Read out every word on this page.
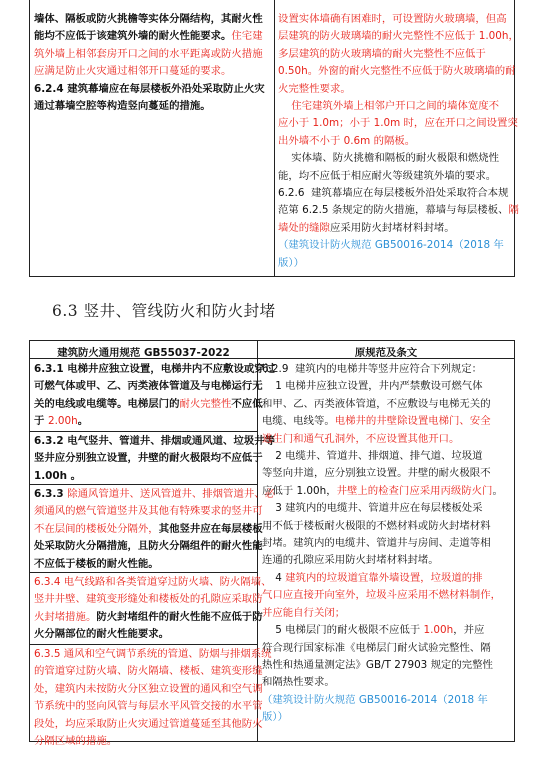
墙体、隔板或防火挑檐等实体分隔结构，其耐火性

能均不应低于该建筑外墙的耐火性能要求。住宅建

筑外墙上相邻套房开口之间的水平距离或防火措施

应满足防止火灾通过相邻开口蔓延的要求。

6.2.4 建筑幕墙应在每层楼板外沿处采取防止火灾

通过幕墙空腔等构造竖向蔓延的措施。

设置实体墙确有困难时，可设置防火玻璃墙，但高

层建筑的防火玻璃墙的耐火完整性不应低于 1.00h，

多层建筑的防火玻璃墙的耐火完整性不应低于

0.50h。外窗的耐火完整性不应低于防火玻璃墙的耐

火完整性要求。

住宅建筑外墙上相邻户开口之间的墙体宽度不

应小于 1.0m；小于 1.0m 时，应在开口之间设置突

出外墙不小于 0.6m 的隔板。

实体墙、防火挑檐和隔板的耐火极限和燃烧性

能，均不应低于相应耐火等级建筑外墙的要求。

6.2.6  建筑幕墙应在每层楼板外沿处采取符合本规

范第 6.2.5 条规定的防火措施，幕墙与每层楼板、隔

墙处的缝隙应采用防火封堵材料封堵。

（建筑设计防火规范 GB50016-2014（2018 年

版））

6.3 竖井、管线防火和防火封堵
建筑防火通用规范 GB55037-2022	原规范及条文

6.3.1 电梯井应独立设置，电梯井内不应敷设或穿过

可燃气体或甲、乙、丙类液体管道及与电梯运行无

关的电线或电缆等。电梯层门的耐火完整性不应低

于 2.00h。

6.3.2 电气竖井、管道井、排烟或通风道、垃圾井等

竖井应分别独立设置，井壁的耐火极限均不应低于

1.00h 。

6.3.3 除通风管道井、送风管道井、排烟管道井、必

须通风的燃气管道竖井及其他有特殊要求的竖井可

不在层间的楼板处分隔外，其他竖井应在每层楼板

处采取防火分隔措施，且防火分隔组件的耐火性能

不应低于楼板的耐火性能。

6.3.4 电气线路和各类管道穿过防火墙、防火隔墙、

竖井井壁、建筑变形缝处和楼板处的孔隙应采取防

火封堵措施。防火封堵组件的耐火性能不应低于防

火分隔部位的耐火性能要求。

6.3.5 通风和空气调节系统的管道、防烟与排烟系统

的管道穿过防火墙、防火隔墙、楼板、建筑变形缝

处，建筑内未按防火分区独立设置的通风和空气调

节系统中的竖向风管与每层水平风管交接的水平管

段处，均应采取防止火灾通过管道蔓延至其他防火

分隔区域的措施。

6.2.9  建筑内的电梯井等竖井应符合下列规定：

1 电梯井应独立设置，井内严禁敷设可燃气体

和甲、乙、丙类液体管道，不应敷设与电梯无关的

电缆、电线等。电梯井的井壁除设置电梯门、安全

逃生门和通气孔洞外，不应设置其他开口。

2 电缆井、管道井、排烟道、排气道、垃圾道

等竖向井道，应分别独立设置。井壁的耐火极限不

应低于 1.00h，井壁上的检查门应采用丙级防火门。

3 建筑内的电缆井、管道井应在每层楼板处采

用不低于楼板耐火极限的不燃材料或防火封堵材料

封堵。建筑内的电缆井、管道井与房间、走道等相

连通的孔隙应采用防火封堵材料封堵。

4 建筑内的垃圾道宜靠外墙设置，垃圾道的排

气口应直接开向室外，垃圾斗应采用不燃材料制作，

并应能自行关闭；

5 电梯层门的耐火极限不应低于 1.00h，并应

符合现行国家标准《电梯层门耐火试验完整性、隔

热性和热通量测定法》GB/T 27903 规定的完整性

和隔热性要求。

（建筑设计防火规范 GB50016-2014（2018 年

版））
